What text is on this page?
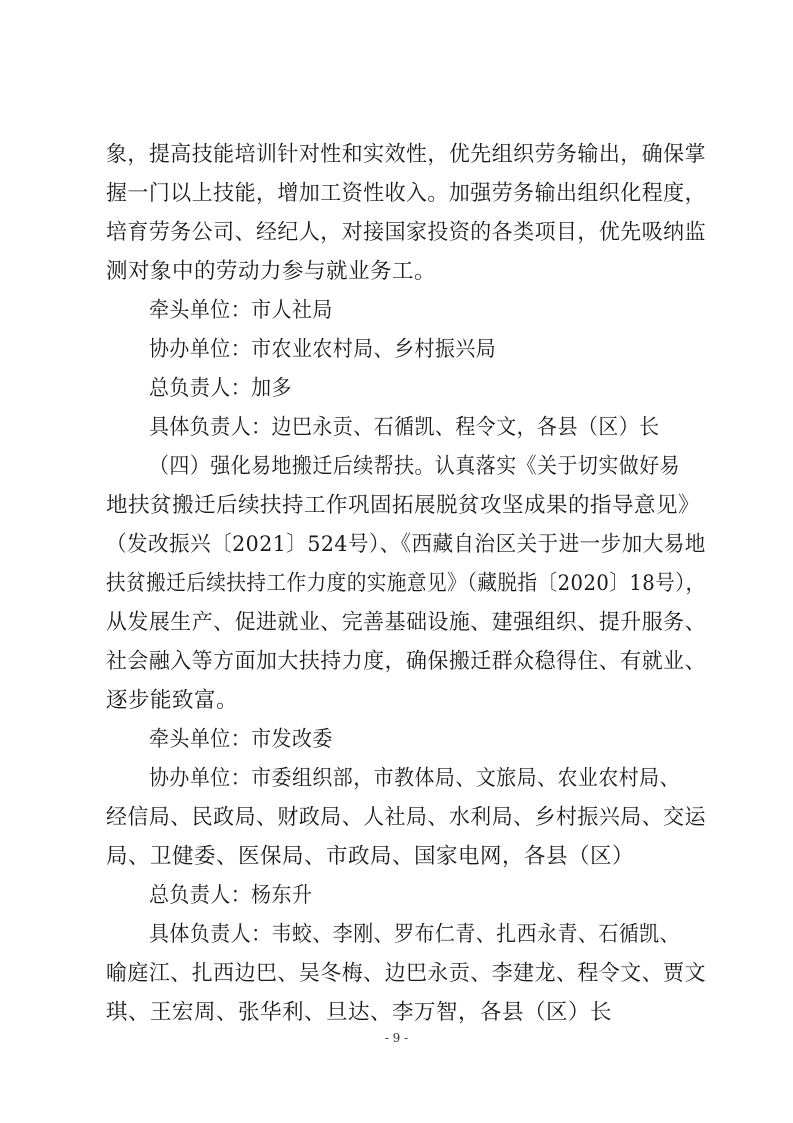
象，提高技能培训针对性和实效性，优先组织劳务输出，确保掌
握一门以上技能，增加工资性收入。加强劳务输出组织化程度，
培育劳务公司、经纪人，对接国家投资的各类项目，优先吸纳监
测对象中的劳动力参与就业务工。
牵头单位：市人社局
协办单位：市农业农村局、乡村振兴局
总负责人：加多
具体负责人：边巴永贡、石循凯、程令文，各县（区）长
（四）强化易地搬迁后续帮扶。认真落实《关于切实做好易
地扶贫搬迁后续扶持工作巩固拓展脱贫攻坚成果的指导意见》
（发改振兴〔2021〕524号）、《西藏自治区关于进一步加大易地
扶贫搬迁后续扶持工作力度的实施意见》（藏脱指〔2020〕18号），
从发展生产、促进就业、完善基础设施、建强组织、提升服务、
社会融入等方面加大扶持力度，确保搬迁群众稳得住、有就业、
逐步能致富。
牵头单位：市发改委
协办单位：市委组织部，市教体局、文旅局、农业农村局、
经信局、民政局、财政局、人社局、水利局、乡村振兴局、交运
局、卫健委、医保局、市政局、国家电网，各县（区）
总负责人：杨东升
具体负责人：韦蛟、李刚、罗布仁青、扎西永青、石循凯、
喻庭江、扎西边巴、吴冬梅、边巴永贡、李建龙、程令文、贾文
琪、王宏周、张华利、旦达、李万智，各县（区）长
- 9 -
